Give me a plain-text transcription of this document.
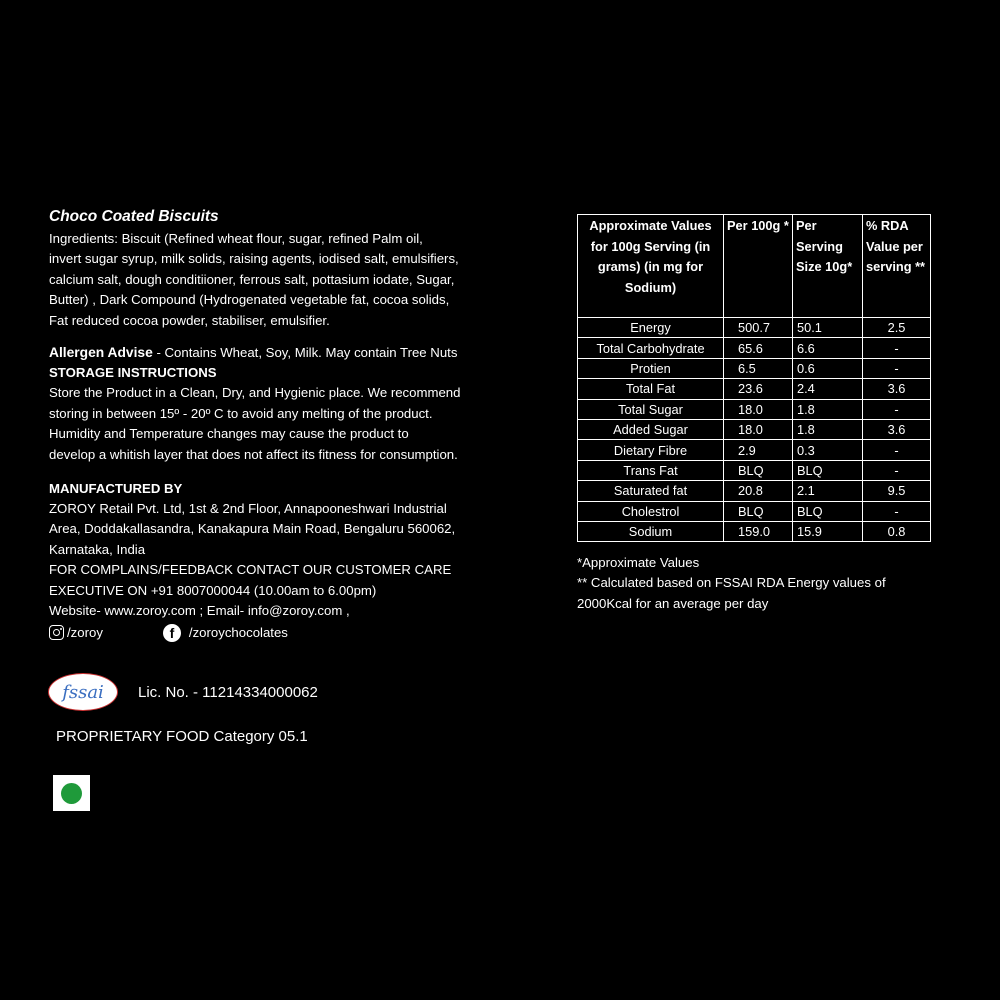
Choco Coated Biscuits

Ingredients: Biscuit (Refined wheat flour, sugar, refined Palm oil,

invert sugar syrup, milk solids, raising agents, iodised salt, emulsifiers,

calcium salt, dough conditiioner, ferrous salt, pottasium iodate, Sugar,

Butter) , Dark Compound (Hydrogenated vegetable fat, cocoa solids,

Fat reduced cocoa powder, stabiliser, emulsifier.

Allergen Advise - Contains Wheat, Soy, Milk. May contain Tree Nuts

STORAGE INSTRUCTIONS

Store the Product in a Clean, Dry, and Hygienic place. We recommend

storing in between 15º - 20º C to avoid any melting of the product.

Humidity and Temperature changes may cause the product to

develop a whitish layer that does not affect its fitness for consumption.

MANUFACTURED BY

ZOROY Retail Pvt. Ltd, 1st & 2nd Floor, Annapooneshwari Industrial

Area, Doddakallasandra, Kanakapura Main Road, Bengaluru 560062,

Karnataka, India

FOR COMPLAINS/FEEDBACK CONTACT OUR CUSTOMER CARE

EXECUTIVE ON +91 8007000044 (10.00am to 6.00pm)

Website- www.zoroy.com ; Email- info@zoroy.com ,

/zoroy	f	/zoroychocolates
fssai	Lic. No. - 11214334000062
PROPRIETARY FOOD Category 05.1
Approximate Values for 100g Serving (in grams) (in mg for Sodium)	Per 100g *	Per Serving Size 10g*	% RDA Value per serving **
Energy	500.7	50.1	2.5
Total Carbohydrate	65.6	6.6	-
Protien	6.5	0.6	-
Total Fat	23.6	2.4	3.6
Total Sugar	18.0	1.8	-
Added Sugar	18.0	1.8	3.6
Dietary Fibre	2.9	0.3	-
Trans Fat	BLQ	BLQ	-
Saturated fat	20.8	2.1	9.5
Cholestrol	BLQ	BLQ	-
Sodium	159.0	15.9	0.8

*Approximate Values

** Calculated based on FSSAI RDA Energy values of

2000Kcal for an average per day
